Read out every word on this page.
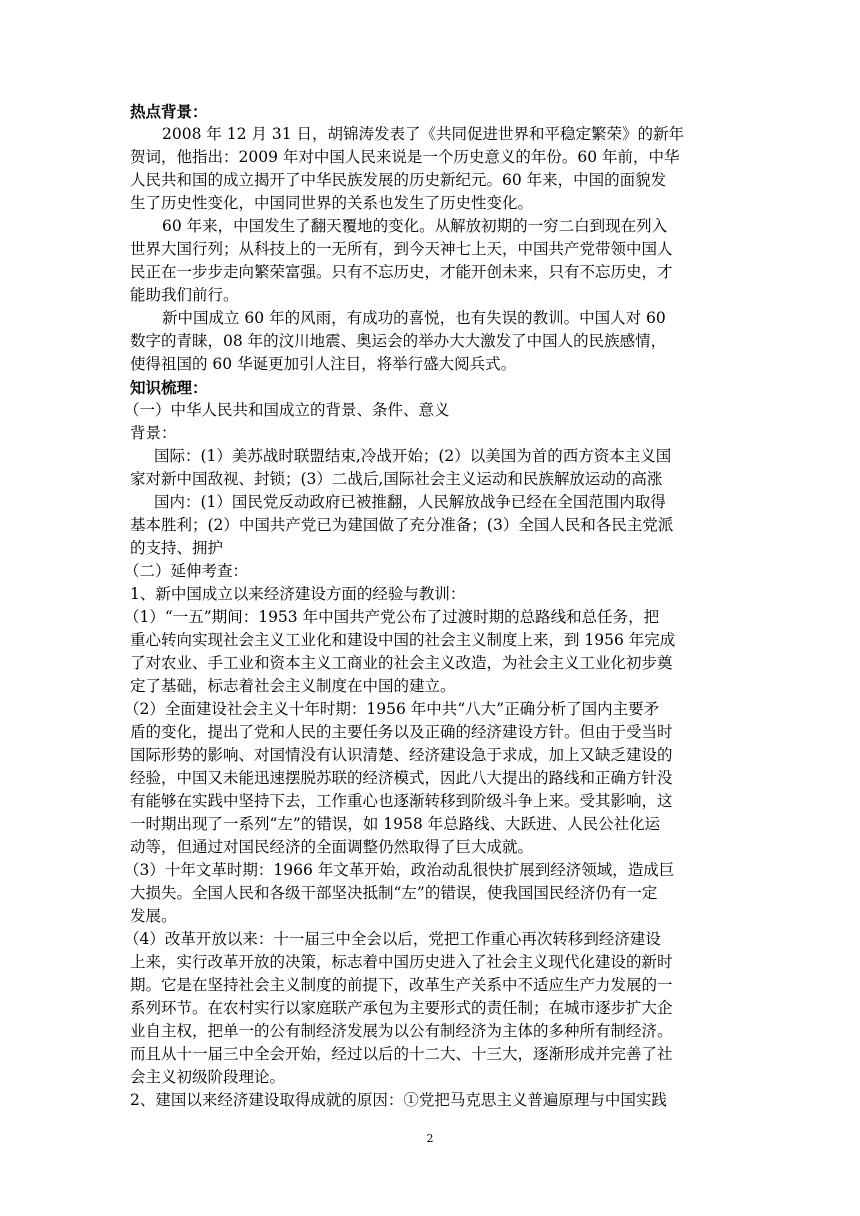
热点背景：
2008 年 12 月 31 日，胡锦涛发表了《共同促进世界和平稳定繁荣》的新年
贺词，他指出：2009 年对中国人民来说是一个历史意义的年份。60 年前，中华
人民共和国的成立揭开了中华民族发展的历史新纪元。60 年来，中国的面貌发
生了历史性变化，中国同世界的关系也发生了历史性变化。
60 年来，中国发生了翻天覆地的变化。从解放初期的一穷二白到现在列入
世界大国行列；从科技上的一无所有，到今天神七上天，中国共产党带领中国人
民正在一步步走向繁荣富强。只有不忘历史，才能开创未来，只有不忘历史，才
能助我们前行。
新中国成立 60 年的风雨，有成功的喜悦，也有失误的教训。中国人对 60
数字的青睐，08 年的汶川地震、奥运会的举办大大激发了中国人的民族感情，
使得祖国的 60 华诞更加引人注目，将举行盛大阅兵式。
知识梳理：
（一）中华人民共和国成立的背景、条件、意义
背景：
国际：(1）美苏战时联盟结束,冷战开始；(2）以美国为首的西方资本主义国
家对新中国敌视、封锁；(3）二战后,国际社会主义运动和民族解放运动的高涨
国内：(1）国民党反动政府已被推翻，人民解放战争已经在全国范围内取得
基本胜利；(2）中国共产党已为建国做了充分准备；(3）全国人民和各民主党派
的支持、拥护
（二）延伸考查：
1、新中国成立以来经济建设方面的经验与教训：
（1）“一五”期间：1953 年中国共产党公布了过渡时期的总路线和总任务，把
重心转向实现社会主义工业化和建设中国的社会主义制度上来，到 1956 年完成
了对农业、手工业和资本主义工商业的社会主义改造，为社会主义工业化初步奠
定了基础，标志着社会主义制度在中国的建立。
（2）全面建设社会主义十年时期：1956 年中共“八大”正确分析了国内主要矛
盾的变化，提出了党和人民的主要任务以及正确的经济建设方针。但由于受当时
国际形势的影响、对国情没有认识清楚、经济建设急于求成，加上又缺乏建设的
经验，中国又未能迅速摆脱苏联的经济模式，因此八大提出的路线和正确方针没
有能够在实践中坚持下去，工作重心也逐渐转移到阶级斗争上来。受其影响，这
一时期出现了一系列“左”的错误，如 1958 年总路线、大跃进、人民公社化运
动等，但通过对国民经济的全面调整仍然取得了巨大成就。
（3）十年文革时期：1966 年文革开始，政治动乱很快扩展到经济领域，造成巨
大损失。全国人民和各级干部坚决抵制“左”的错误，使我国国民经济仍有一定
发展。
（4）改革开放以来：十一届三中全会以后，党把工作重心再次转移到经济建设
上来，实行改革开放的决策，标志着中国历史进入了社会主义现代化建设的新时
期。它是在坚持社会主义制度的前提下，改革生产关系中不适应生产力发展的一
系列环节。在农村实行以家庭联产承包为主要形式的责任制；在城市逐步扩大企
业自主权，把单一的公有制经济发展为以公有制经济为主体的多种所有制经济。
而且从十一届三中全会开始，经过以后的十二大、十三大，逐渐形成并完善了社
会主义初级阶段理论。
2、建国以来经济建设取得成就的原因：①党把马克思主义普遍原理与中国实践
2
